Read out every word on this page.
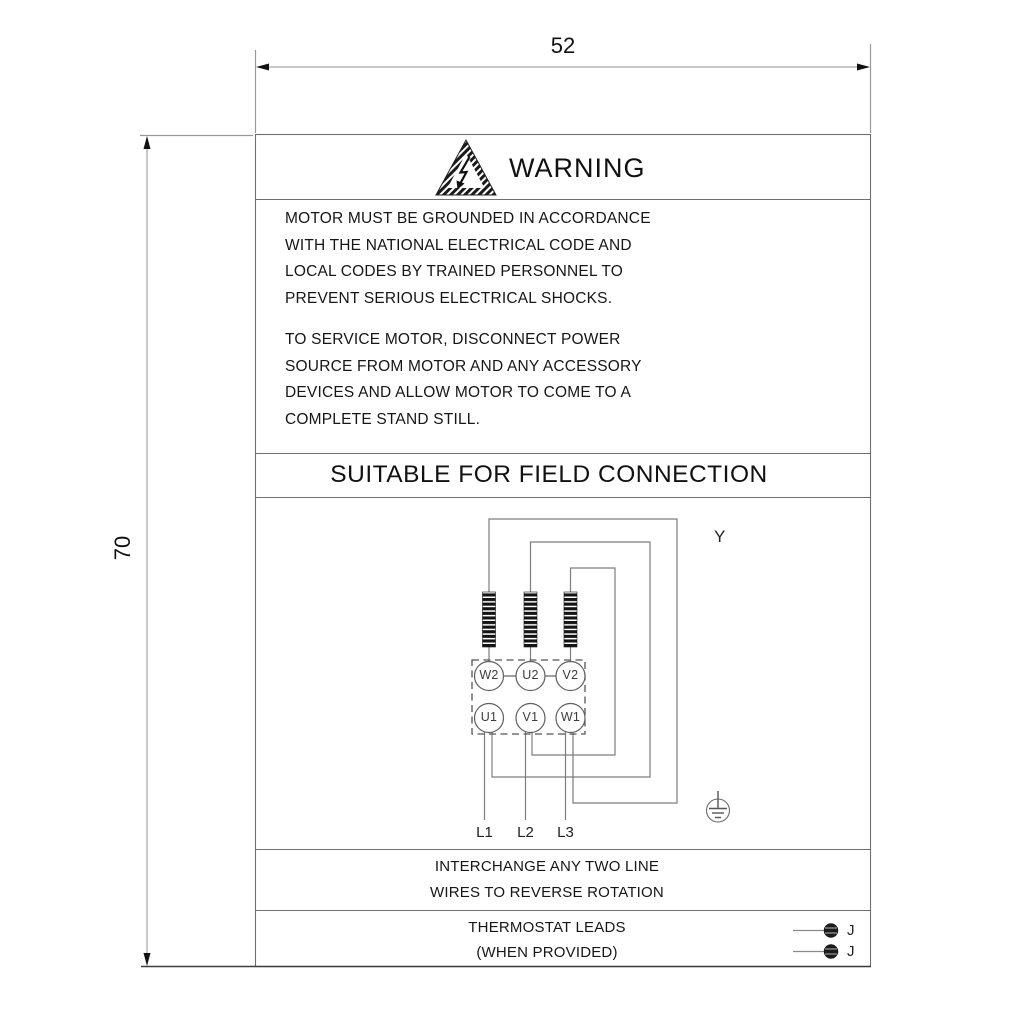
52
70
WARNING
MOTOR MUST BE GROUNDED IN ACCORDANCE
WITH THE NATIONAL ELECTRICAL CODE AND
LOCAL CODES BY TRAINED PERSONNEL TO
PREVENT SERIOUS ELECTRICAL SHOCKS.
TO SERVICE MOTOR, DISCONNECT POWER
SOURCE FROM MOTOR AND ANY ACCESSORY
DEVICES AND ALLOW MOTOR TO COME TO A
COMPLETE STAND STILL.
SUITABLE FOR FIELD CONNECTION
W2	U2	V2
U1	V1	W1
L1	L2	L3
Y
INTERCHANGE ANY TWO LINE
WIRES TO REVERSE ROTATION
THERMOSTAT LEADS
(WHEN PROVIDED)
J
J
